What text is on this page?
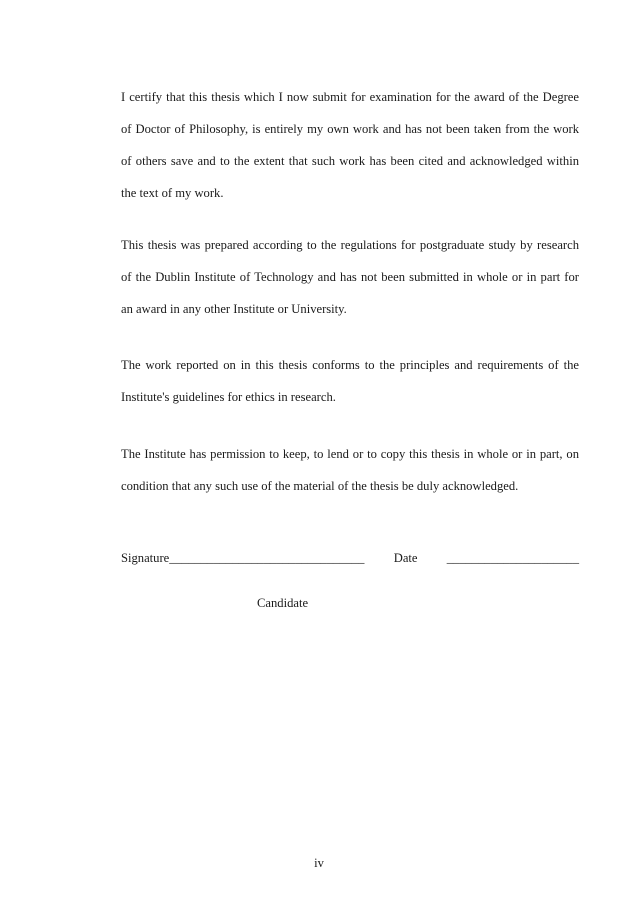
I certify that this thesis which I now submit for examination for the award of the Degree
of Doctor of Philosophy, is entirely my own work and has not been taken from the work
of others save and to the extent that such work has been cited and acknowledged within
the text of my work.
This thesis was prepared according to the regulations for postgraduate study by research
of the Dublin Institute of Technology and has not been submitted in whole or in part for
an award in any other Institute or University.
The work reported on in this thesis conforms to the principles and requirements of the
Institute's guidelines for ethics in research.
The Institute has permission to keep, to lend or to copy this thesis in whole or in part, on
condition that any such use of the material of the thesis be duly acknowledged.
Signature_______________________________ Date _____________________
Candidate
iv
